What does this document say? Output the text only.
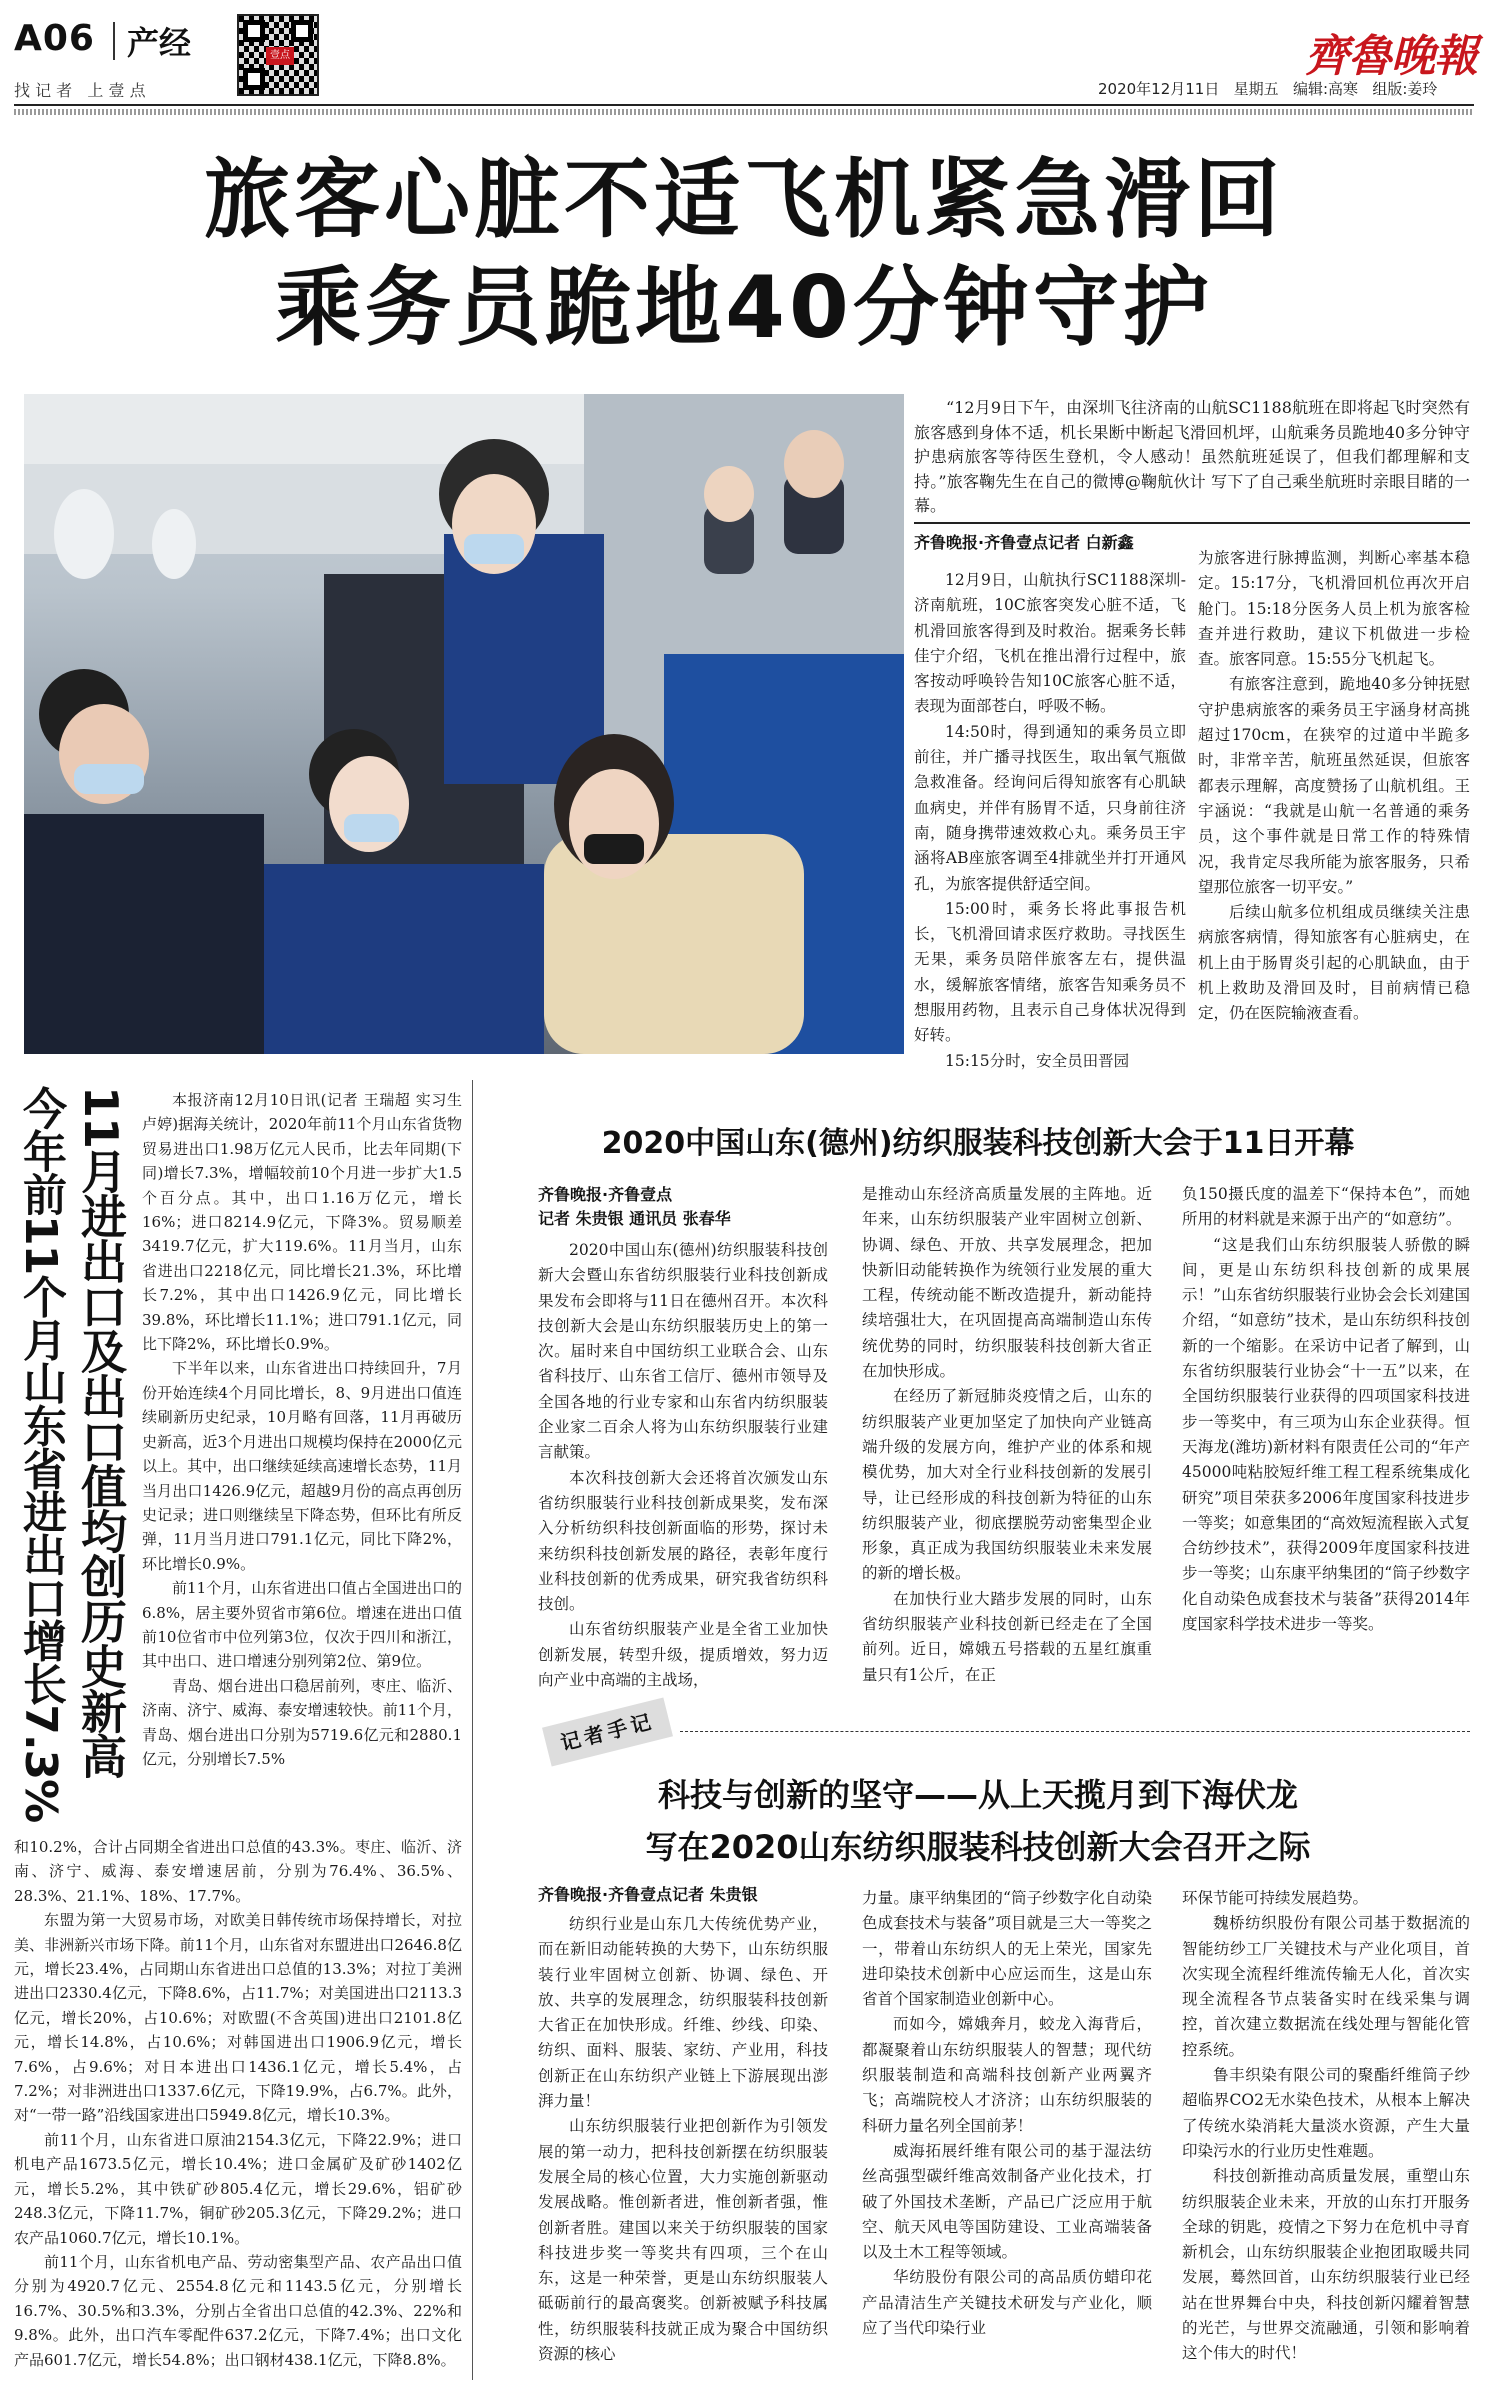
A06 产经
找 记 者   上 壹 点
壹点
2020年12月11日 星期五 编辑:高寒 组版:姜玲
齊魯晚報
旅客心脏不适飞机紧急滑回
乘务员跪地40分钟守护

“12月9日下午，由深圳飞往济南的山航SC1188航班在即将起飞时突然有旅客感到身体不适，机长果断中断起飞滑回机坪，山航乘务员跪地40多分钟守护患病旅客等待医生登机，令人感动！虽然航班延误了，但我们都理解和支持。”旅客鞠先生在自己的微博@鞠航伙计 写下了自己乘坐航班时亲眼目睹的一幕。

齐鲁晚报·齐鲁壹点记者 白新鑫

12月9日，山航执行SC1188深圳-济南航班，10C旅客突发心脏不适，飞机滑回旅客得到及时救治。据乘务长韩佳宁介绍，飞机在推出滑行过程中，旅客按动呼唤铃告知10C旅客心脏不适，表现为面部苍白，呼吸不畅。

14:50时，得到通知的乘务员立即前往，并广播寻找医生，取出氧气瓶做急救准备。经询问后得知旅客有心肌缺血病史，并伴有肠胃不适，只身前往济南，随身携带速效救心丸。乘务员王宇涵将AB座旅客调至4排就坐并打开通风孔，为旅客提供舒适空间。

15:00时，乘务长将此事报告机长，飞机滑回请求医疗救助。寻找医生无果，乘务员陪伴旅客左右，提供温水，缓解旅客情绪，旅客告知乘务员不想服用药物，且表示自己身体状况得到好转。

15:15分时，安全员田晋园

为旅客进行脉搏监测，判断心率基本稳定。15:17分，飞机滑回机位再次开启舱门。15:18分医务人员上机为旅客检查并进行救助，建议下机做进一步检查。旅客同意。15:55分飞机起飞。

有旅客注意到，跪地40多分钟抚慰守护患病旅客的乘务员王宇涵身材高挑超过170cm，在狭窄的过道中半跪多时，非常辛苦，航班虽然延误，但旅客都表示理解，高度赞扬了山航机组。王宇涵说：“我就是山航一名普通的乘务员，这个事件就是日常工作的特殊情况，我肯定尽我所能为旅客服务，只希望那位旅客一切平安。”

后续山航多位机组成员继续关注患病旅客病情，得知旅客有心脏病史，在机上由于肠胃炎引起的心肌缺血，由于机上救助及滑回及时，目前病情已稳定，仍在医院输液查看。

今年前11个月山东省进出口增长7.3% 11月进出口及出口值均创历史新高	本报济南12月10日讯(记者 王瑞超 实习生 卢婷)据海关统计，2020年前11个月山东省货物贸易进出口1.98万亿元人民币，比去年同期(下同)增长7.3%，增幅较前10个月进一步扩大1.5个百分点。其中，出口1.16万亿元，增长16%；进口8214.9亿元，下降3%。贸易顺差3419.7亿元，扩大119.6%。11月当月，山东省进出口2218亿元，同比增长21.3%，环比增长7.2%，其中出口1426.9亿元，同比增长39.8%，环比增长11.1%；进口791.1亿元，同比下降2%，环比增长0.9%。

下半年以来，山东省进出口持续回升，7月份开始连续4个月同比增长，8、9月进出口值连续刷新历史纪录，10月略有回落，11月再破历史新高，近3个月进出口规模均保持在2000亿元以上。其中，出口继续延续高速增长态势，11月当月出口1426.9亿元，超越9月份的高点再创历史记录；进口则继续呈下降态势，但环比有所反弹，11月当月进口791.1亿元，同比下降2%，环比增长0.9%。

前11个月，山东省进出口值占全国进出口的6.8%，居主要外贸省市第6位。增速在进出口值前10位省市中位列第3位，仅次于四川和浙江，其中出口、进口增速分别列第2位、第9位。

青岛、烟台进出口稳居前列，枣庄、临沂、济南、济宁、威海、泰安增速较快。前11个月，青岛、烟台进出口分别为5719.6亿元和2880.1亿元，分别增长7.5%

和10.2%，合计占同期全省进出口总值的43.3%。枣庄、临沂、济南、济宁、威海、泰安增速居前，分别为76.4%、36.5%、28.3%、21.1%、18%、17.7%。

东盟为第一大贸易市场，对欧美日韩传统市场保持增长，对拉美、非洲新兴市场下降。前11个月，山东省对东盟进出口2646.8亿元，增长23.4%，占同期山东省进出口总值的13.3%；对拉丁美洲进出口2330.4亿元，下降8.6%，占11.7%；对美国进出口2113.3亿元，增长20%，占10.6%；对欧盟(不含英国)进出口2101.8亿元，增长14.8%，占10.6%；对韩国进出口1906.9亿元，增长7.6%，占9.6%；对日本进出口1436.1亿元，增长5.4%，占7.2%；对非洲进出口1337.6亿元，下降19.9%，占6.7%。此外，对“一带一路”沿线国家进出口5949.8亿元，增长10.3%。

前11个月，山东省进口原油2154.3亿元，下降22.9%；进口机电产品1673.5亿元，增长10.4%；进口金属矿及矿砂1402亿元，增长5.2%，其中铁矿砂805.4亿元，增长29.6%，铝矿砂248.3亿元，下降11.7%，铜矿砂205.3亿元，下降29.2%；进口农产品1060.7亿元，增长10.1%。

前11个月，山东省机电产品、劳动密集型产品、农产品出口值分别为4920.7亿元、2554.8亿元和1143.5亿元，分别增长16.7%、30.5%和3.3%，分别占全省出口总值的42.3%、22%和9.8%。此外，出口汽车零配件637.2亿元，下降7.4%；出口文化产品601.7亿元，增长54.8%；出口钢材438.1亿元，下降8.8%。

2020中国山东(德州)纺织服装科技创新大会于11日开幕
齐鲁晚报·齐鲁壹点
记者 朱贵银 通讯员 张春华

2020中国山东(德州)纺织服装科技创新大会暨山东省纺织服装行业科技创新成果发布会即将与11日在德州召开。本次科技创新大会是山东纺织服装历史上的第一次。届时来自中国纺织工业联合会、山东省科技厅、山东省工信厅、德州市领导及全国各地的行业专家和山东省内纺织服装企业家二百余人将为山东纺织服装行业建言献策。

本次科技创新大会还将首次颁发山东省纺织服装行业科技创新成果奖，发布深入分析纺织科技创新面临的形势，探讨未来纺织科技创新发展的路径，表彰年度行业科技创新的优秀成果，研究我省纺织科技创。

山东省纺织服装产业是全省工业加快创新发展，转型升级，提质增效，努力迈向产业中高端的主战场，

是推动山东经济高质量发展的主阵地。近年来，山东纺织服装产业牢固树立创新、协调、绿色、开放、共享发展理念，把加快新旧动能转换作为统领行业发展的重大工程，传统动能不断改造提升，新动能持续培强壮大，在巩固提高高端制造山东传统优势的同时，纺织服装科技创新大省正在加快形成。

在经历了新冠肺炎疫情之后，山东的纺织服装产业更加坚定了加快向产业链高端升级的发展方向，维护产业的体系和规模优势，加大对全行业科技创新的发展引导，让已经形成的科技创新为特征的山东纺织服装产业，彻底摆脱劳动密集型企业形象，真正成为我国纺织服装业未来发展的新的增长极。

在加快行业大踏步发展的同时，山东省纺织服装产业科技创新已经走在了全国前列。近日，嫦娥五号搭载的五星红旗重量只有1公斤，在正

负150摄氏度的温差下“保持本色”，而她所用的材料就是来源于出产的“如意纺”。

“这是我们山东纺织服装人骄傲的瞬间，更是山东纺织科技创新的成果展示！”山东省纺织服装行业协会会长刘建国介绍，“如意纺”技术，是山东纺织科技创新的一个缩影。在采访中记者了解到，山东省纺织服装行业协会“十一五”以来，在全国纺织服装行业获得的四项国家科技进步一等奖中，有三项为山东企业获得。恒天海龙(潍坊)新材料有限责任公司的“年产45000吨粘胶短纤维工程工程系统集成化研究”项目荣获多2006年度国家科技进步一等奖；如意集团的“高效短流程嵌入式复合纺纱技术”，获得2009年度国家科技进步一等奖；山东康平纳集团的“筒子纱数字化自动染色成套技术与装备”获得2014年度国家科学技术进步一等奖。

记者手记
科技与创新的坚守——从上天揽月到下海伏龙
写在2020山东纺织服装科技创新大会召开之际
齐鲁晚报·齐鲁壹点记者 朱贵银

纺织行业是山东几大传统优势产业，而在新旧动能转换的大势下，山东纺织服装行业牢固树立创新、协调、绿色、开放、共享的发展理念，纺织服装科技创新大省正在加快形成。纤维、纱线、印染、纺织、面料、服装、家纺、产业用，科技创新正在山东纺织产业链上下游展现出澎湃力量！

山东纺织服装行业把创新作为引领发展的第一动力，把科技创新摆在纺织服装发展全局的核心位置，大力实施创新驱动发展战略。惟创新者进，惟创新者强，惟创新者胜。建国以来关于纺织服装的国家科技进步奖一等奖共有四项，三个在山东，这是一种荣誉，更是山东纺织服装人砥砺前行的最高褒奖。创新被赋予科技属性，纺织服装科技就正成为聚合中国纺织资源的核心

力量。康平纳集团的“筒子纱数字化自动染色成套技术与装备”项目就是三大一等奖之一，带着山东纺织人的无上荣光，国家先进印染技术创新中心应运而生，这是山东省首个国家制造业创新中心。

而如今，嫦娥奔月，蛟龙入海背后，都凝聚着山东纺织服装人的智慧；现代纺织服装制造和高端科技创新产业两翼齐飞；高端院校人才济济；山东纺织服装的科研力量名列全国前茅！

威海拓展纤维有限公司的基于湿法纺丝高强型碳纤维高效制备产业化技术，打破了外国技术垄断，产品已广泛应用于航空、航天风电等国防建设、工业高端装备以及土木工程等领域。

华纺股份有限公司的高品质仿蜡印花产品清洁生产关键技术研发与产业化，顺应了当代印染行业

环保节能可持续发展趋势。

魏桥纺织股份有限公司基于数据流的智能纺纱工厂关键技术与产业化项目，首次实现全流程纤维流传输无人化，首次实现全流程各节点装备实时在线采集与调控，首次建立数据流在线处理与智能化管控系统。

鲁丰织染有限公司的聚酯纤维筒子纱超临界CO2无水染色技术，从根本上解决了传统水染消耗大量淡水资源，产生大量印染污水的行业历史性难题。

科技创新推动高质量发展，重塑山东纺织服装企业未来，开放的山东打开服务全球的钥匙，疫情之下努力在危机中寻育新机会，山东纺织服装企业抱团取暖共同发展，蓦然回首，山东纺织服装行业已经站在世界舞台中央，科技创新闪耀着智慧的光芒，与世界交流融通，引领和影响着这个伟大的时代！
